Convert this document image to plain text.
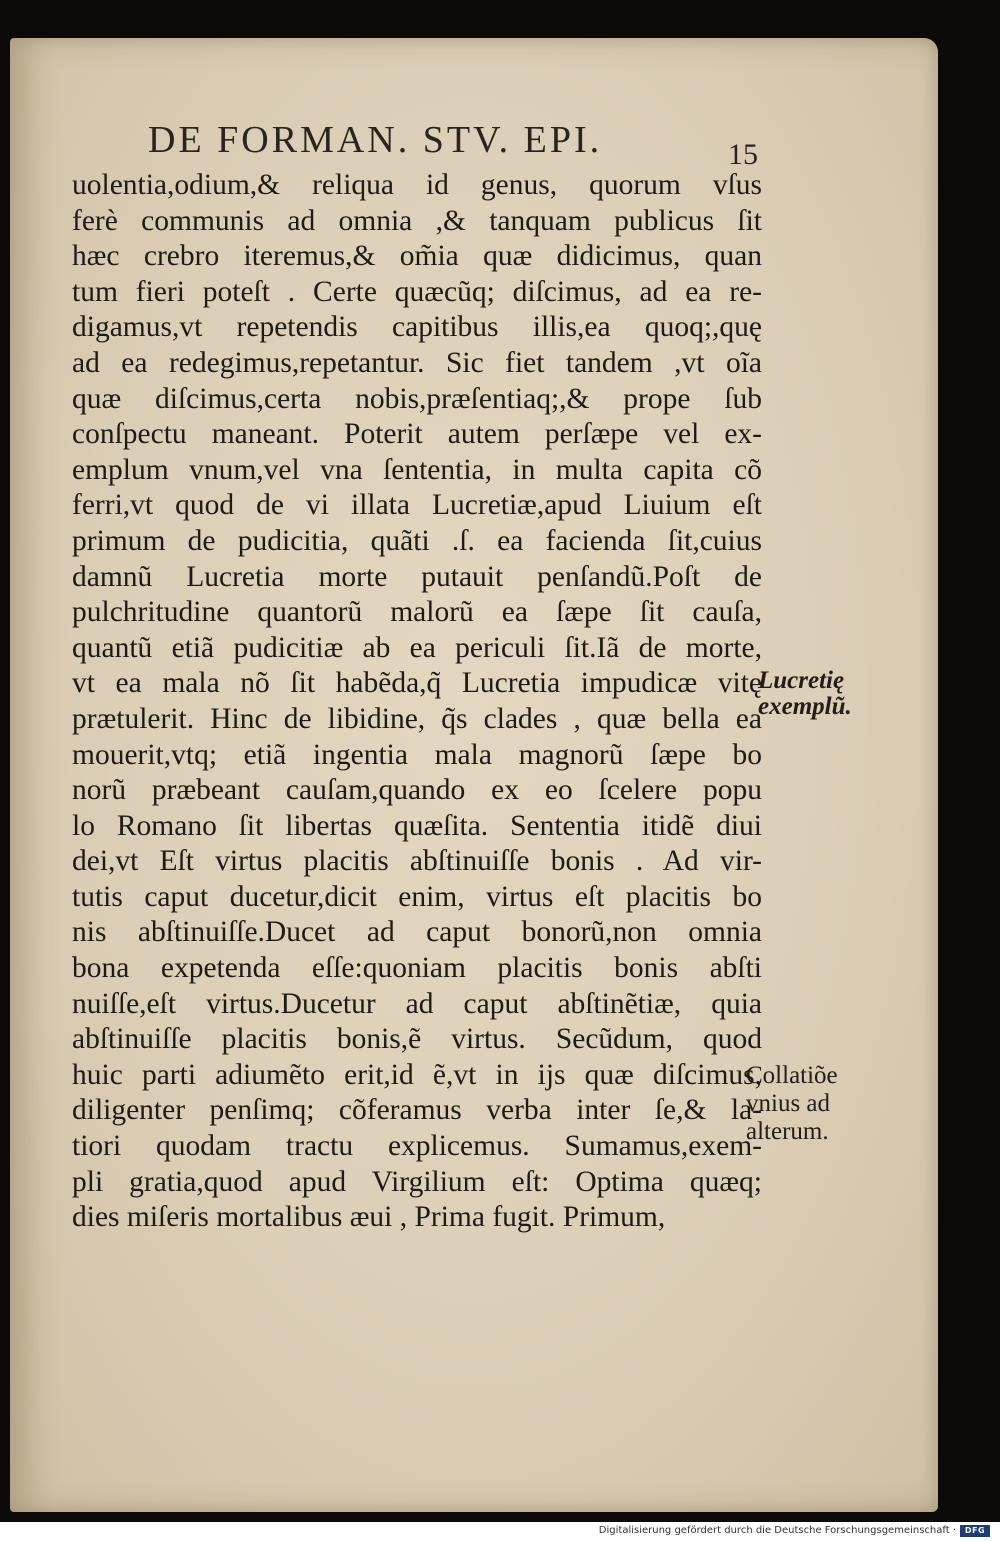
DE FORMAN. STV. EPI.	15
uolentia,odium,& reliqua id genus, quorum vſus
ferè communis ad omnia ,& tanquam publicus ſit
hæc crebro iteremus,& om̃ia quæ didicimus, quan
tum fieri poteſt . Certe quæcũq; diſcimus, ad ea re-
digamus,vt repetendis capitibus illis,ea quoq;,quę
ad ea redegimus,repetantur. Sic fiet tandem ,vt oĩa
quæ diſcimus,certa nobis,præſentiaq;,& prope ſub
conſpectu maneant. Poterit autem perſæpe vel ex-
emplum vnum,vel vna ſententia, in multa capita cõ
ferri,vt quod de vi illata Lucretiæ,apud Liuium eſt
primum de pudicitia, quãti .ſ. ea facienda ſit,cuius
damnũ Lucretia morte putauit penſandũ.Poſt de
pulchritudine quantorũ malorũ ea ſæpe ſit cauſa,
quantũ etiã pudicitiæ ab ea periculi ſit.Iã de morte,
vt ea mala nõ ſit habẽda,q̃ Lucretia impudicæ vitę
prætulerit. Hinc de libidine, q̃s clades , quæ bella ea
mouerit,vtq; etiã ingentia mala magnorũ ſæpe bo
norũ præbeant cauſam,quando ex eo ſcelere popu
lo Romano ſit libertas quæſita. Sententia itidẽ diui
dei,vt Eſt virtus placitis abſtinuiſſe bonis . Ad vir-
tutis caput ducetur,dicit enim, virtus eſt placitis bo
nis abſtinuiſſe.Ducet ad caput bonorũ,non omnia
bona expetenda eſſe:quoniam placitis bonis abſti
nuiſſe,eſt virtus.Ducetur ad caput abſtinẽtiæ, quia
abſtinuiſſe placitis bonis,ẽ virtus. Secũdum, quod
huic parti adiumẽto erit,id ẽ,vt in ijs quæ diſcimus,
diligenter penſimq; cõferamus verba inter ſe,& la-
tiori quodam tractu explicemus. Sumamus,exem-
pli gratia,quod apud Virgilium eſt: Optima quæq;
dies miſeris mortalibus æui , Prima fugit. Primum,
Lucretię
exemplũ.
Collatiõe
vnius ad
alterum.
Digitalisierung gefördert durch die Deutsche Forschungsgemeinschaft ·	DFG
